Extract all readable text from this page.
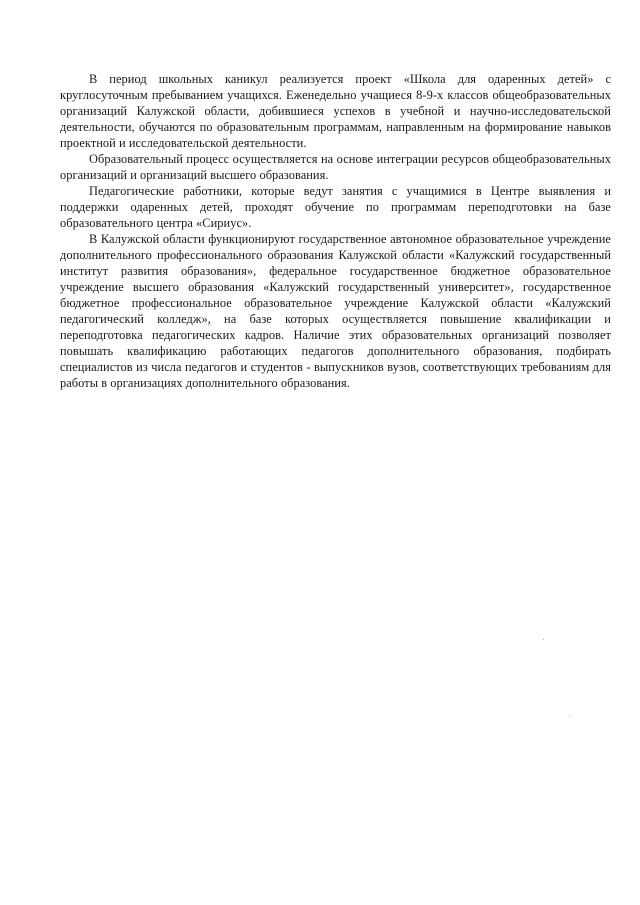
В период школьных каникул реализуется проект «Школа для одаренных детей» с круглосуточным пребыванием учащихся. Еженедельно учащиеся 8-9-х классов общеобразовательных организаций Калужской области, добившиеся успехов в учебной и научно-исследовательской деятельности, обучаются по образовательным программам, направленным на формирование навыков проектной и исследовательской деятельности.

Образовательный процесс осуществляется на основе интеграции ресурсов общеобразовательных организаций и организаций высшего образования.

Педагогические работники, которые ведут занятия с учащимися в Центре выявления и поддержки одаренных детей, проходят обучение по программам переподготовки на базе образовательного центра «Сириус».

В Калужской области функционируют государственное автономное образовательное учреждение дополнительного профессионального образования Калужской области «Калужский государственный институт развития образования», федеральное государственное бюджетное образовательное учреждение высшего образования «Калужский государственный университет», государственное бюджетное профессиональное образовательное учреждение Калужской области «Калужский педагогический колледж», на базе которых осуществляется повышение квалификации и переподготовка педагогических кадров. Наличие этих образовательных организаций позволяет повышать квалификацию работающих педагогов дополнительного образования, подбирать специалистов из числа педагогов и студентов - выпускников вузов, соответствующих требованиям для работы в организациях дополнительного образования.
